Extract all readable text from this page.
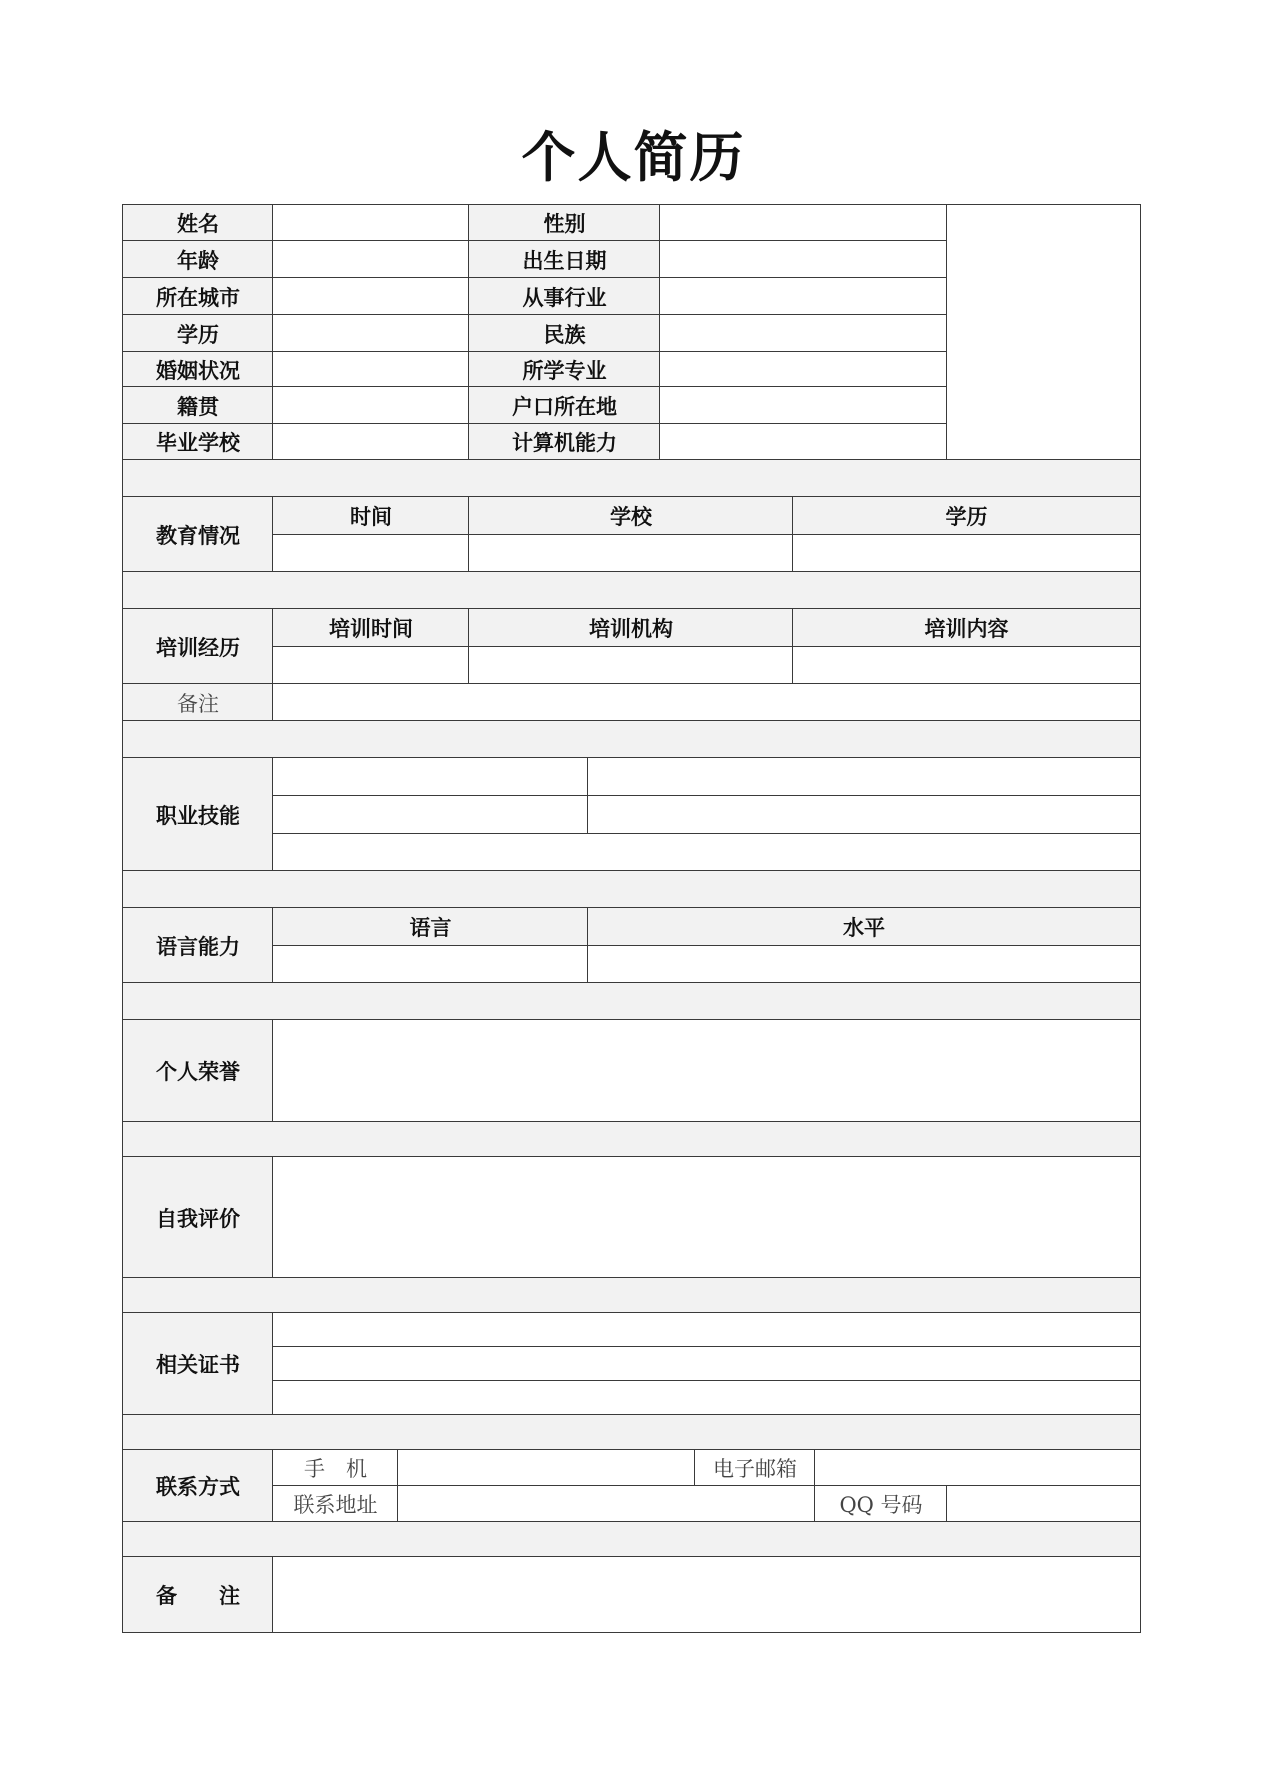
个人简历
姓名	性别
年龄	出生日期
所在城市	从事行业
学历	民族
婚姻状况	所学专业
籍贯	户口所在地
毕业学校	计算机能力
教育情况
时间	学校	学历
培训经历
培训时间	培训机构	培训内容
备注
职业技能
语言能力
语言	水平
个人荣誉
自我评价
相关证书
联系方式
手　机	电子邮箱
联系地址	QQ 号码
备　　注
